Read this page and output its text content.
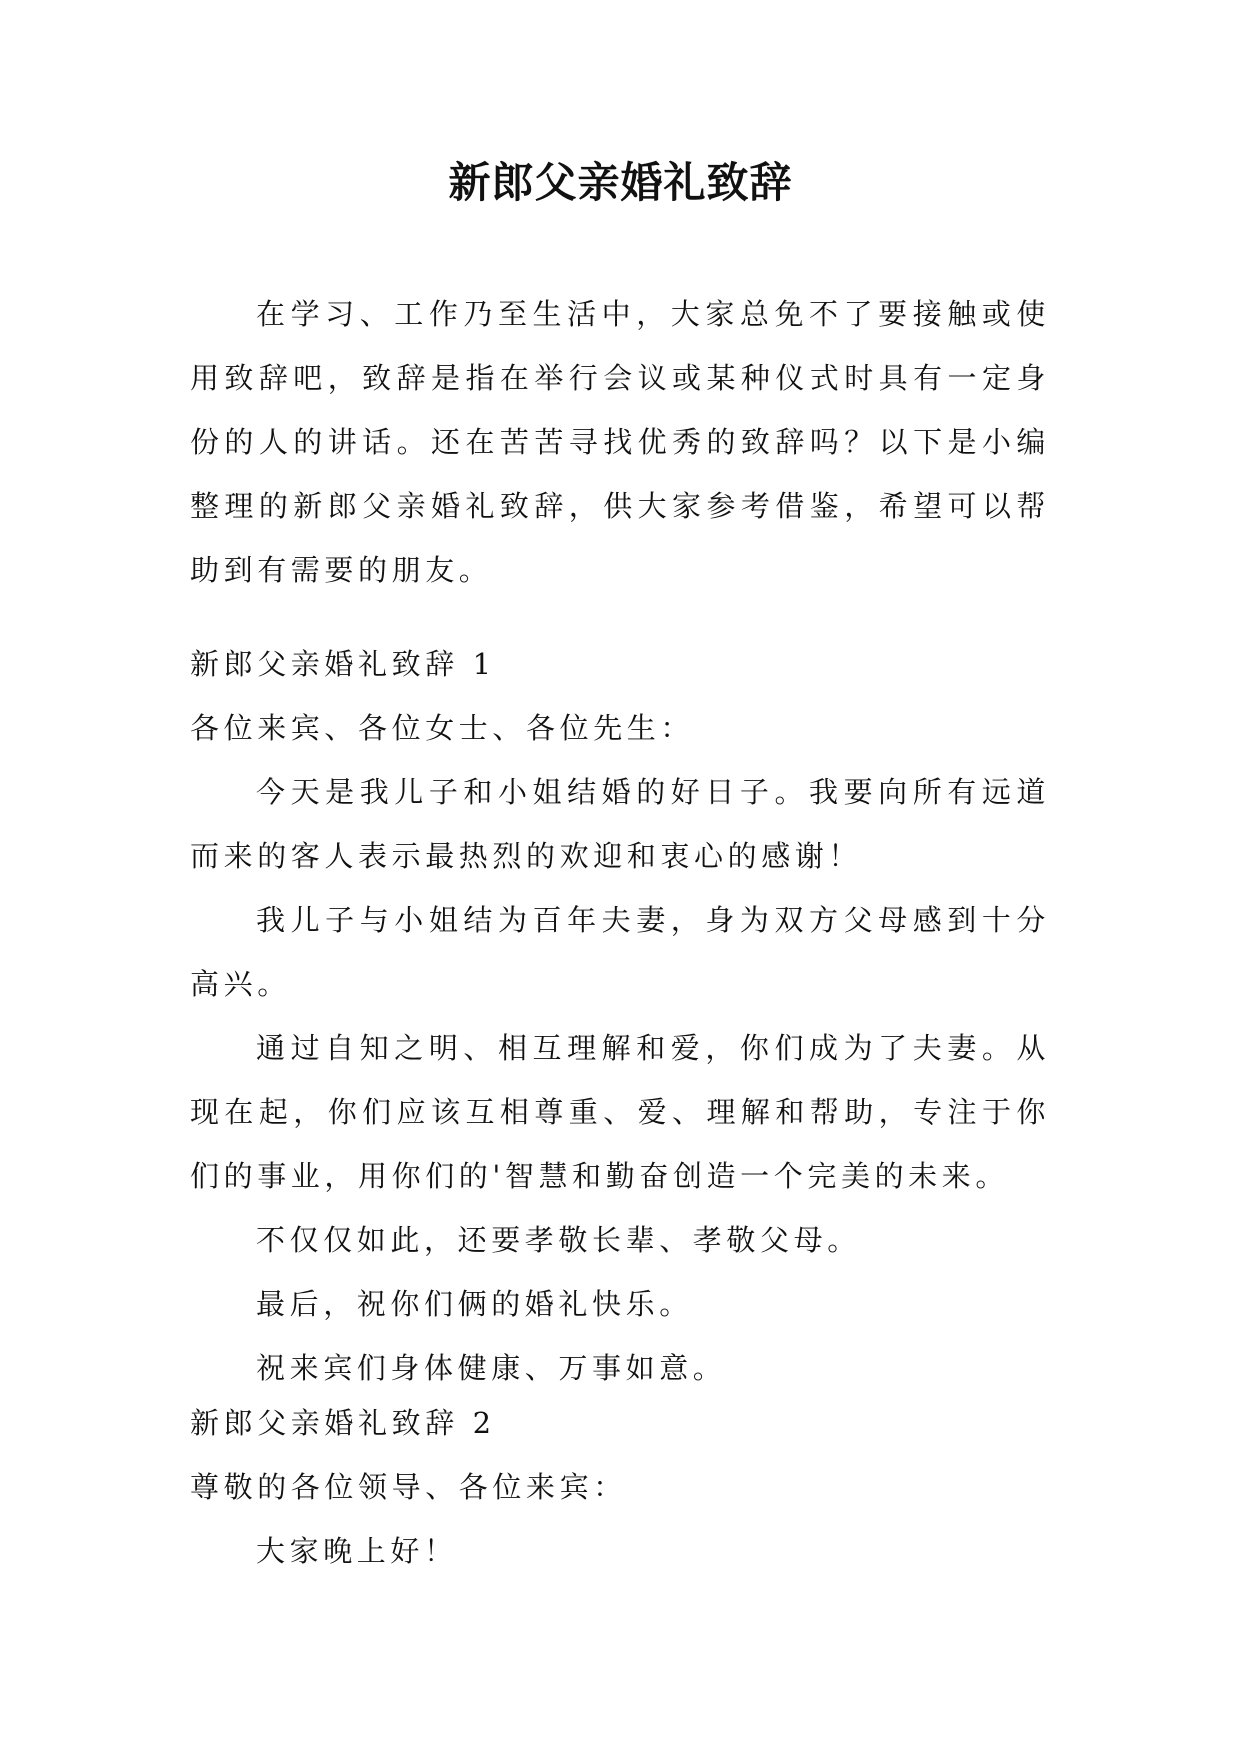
新郎父亲婚礼致辞

在学习、工作乃至生活中，大家总免不了要接触或使用致辞吧，致辞是指在举行会议或某种仪式时具有一定身份的人的讲话。还在苦苦寻找优秀的致辞吗？以下是小编整理的新郎父亲婚礼致辞，供大家参考借鉴，希望可以帮助到有需要的朋友。

新郎父亲婚礼致辞 1

各位来宾、各位女士、各位先生：

今天是我儿子和小姐结婚的好日子。我要向所有远道而来的客人表示最热烈的欢迎和衷心的感谢！

我儿子与小姐结为百年夫妻，身为双方父母感到十分高兴。

通过自知之明、相互理解和爱，你们成为了夫妻。从现在起，你们应该互相尊重、爱、理解和帮助，专注于你们的事业，用你们的'智慧和勤奋创造一个完美的未来。

不仅仅如此，还要孝敬长辈、孝敬父母。

最后，祝你们俩的婚礼快乐。

祝来宾们身体健康、万事如意。

新郎父亲婚礼致辞 2

尊敬的各位领导、各位来宾：

大家晚上好！
